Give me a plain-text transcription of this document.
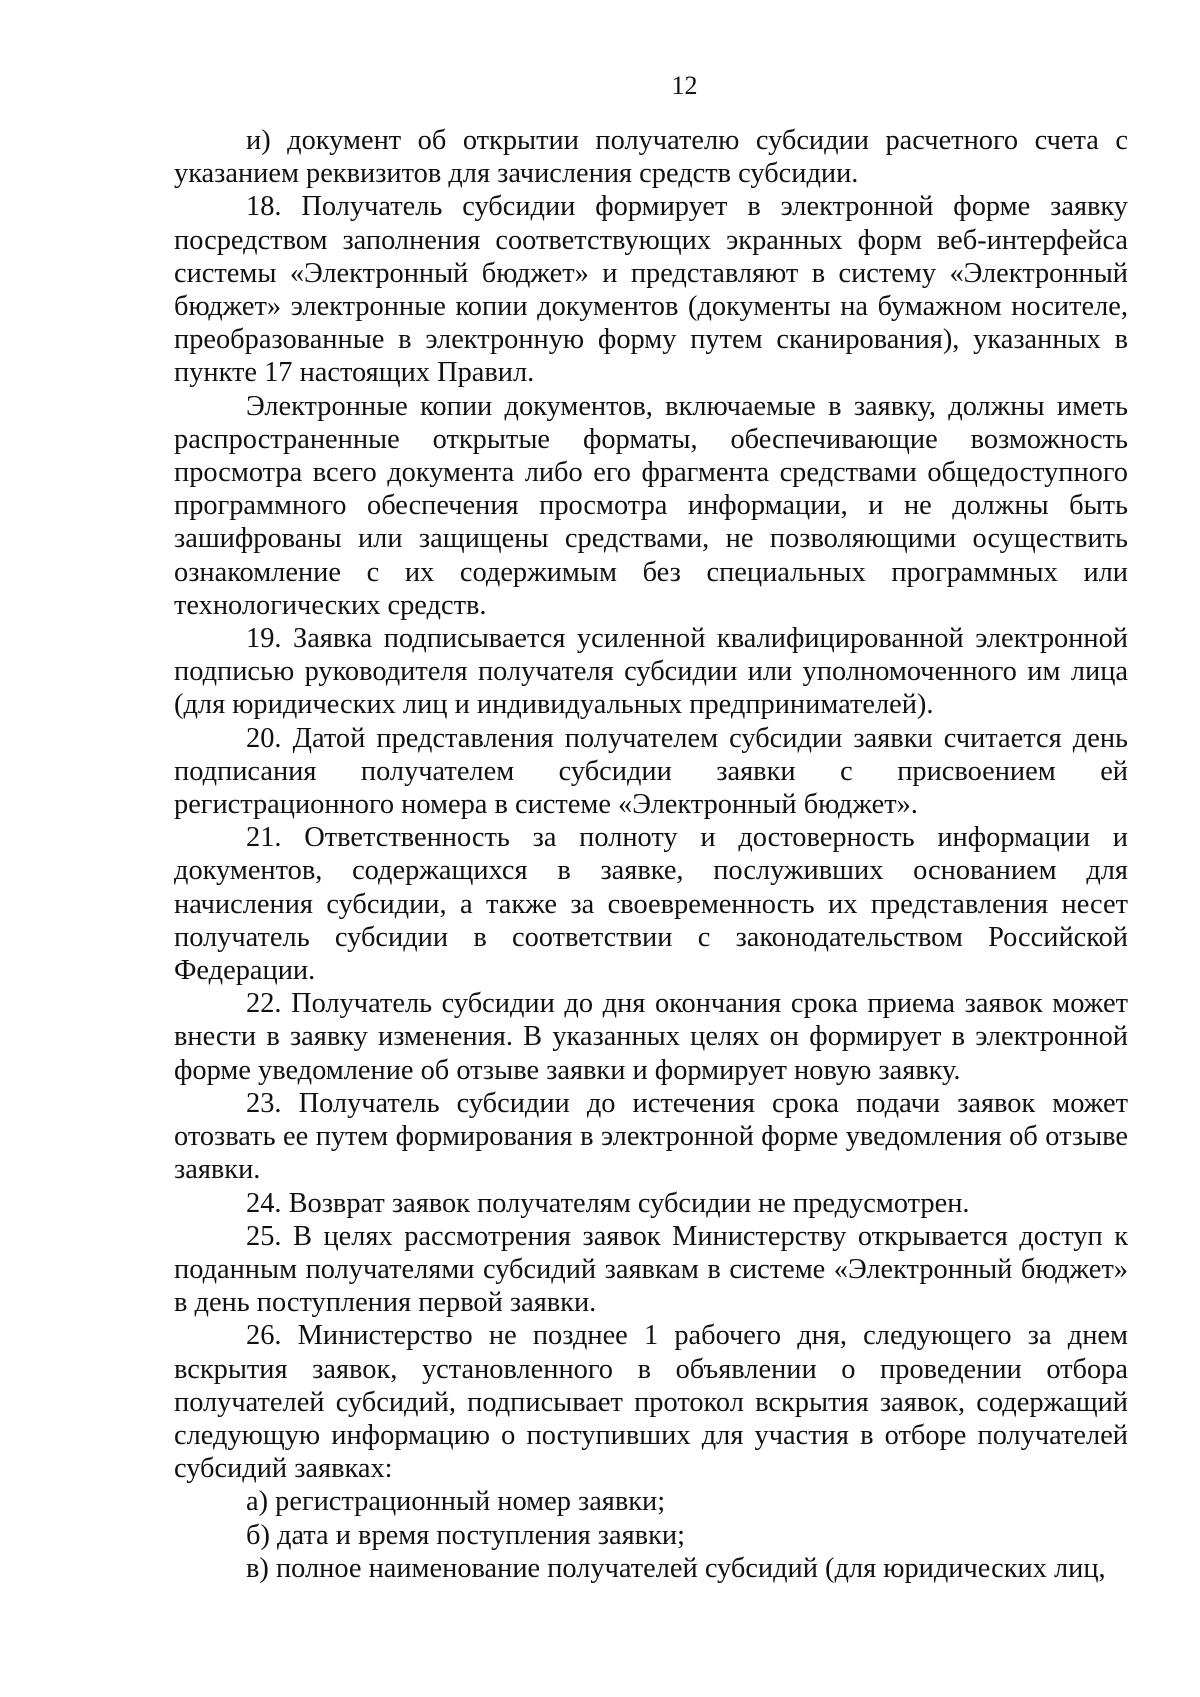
12

и) документ об открытии получателю субсидии расчетного счета с указанием реквизитов для зачисления средств субсидии.

18. Получатель субсидии формирует в электронной форме заявку посредством заполнения соответствующих экранных форм веб-интерфейса системы «Электронный бюджет» и представляют в систему «Электронный бюджет» электронные копии документов (документы на бумажном носителе, преобразованные в электронную форму путем сканирования), указанных в пункте 17 настоящих Правил.

Электронные копии документов, включаемые в заявку, должны иметь распространенные открытые форматы, обеспечивающие возможность просмотра всего документа либо его фрагмента средствами общедоступного программного обеспечения просмотра информации, и не должны быть зашифрованы или защищены средствами, не позволяющими осуществить ознакомление с их содержимым без специальных программных или технологических средств.

19. Заявка подписывается усиленной квалифицированной электронной подписью руководителя получателя субсидии или уполномоченного им лица (для юридических лиц и индивидуальных предпринимателей).

20. Датой представления получателем субсидии заявки считается день подписания получателем субсидии заявки с присвоением ей регистрационного номера в системе «Электронный бюджет».

21. Ответственность за полноту и достоверность информации и документов, содержащихся в заявке, послуживших основанием для начисления субсидии, а также за своевременность их представления несет получатель субсидии в соответствии с законодательством Российской Федерации.

22. Получатель субсидии до дня окончания срока приема заявок может внести в заявку изменения. В указанных целях он формирует в электронной форме уведомление об отзыве заявки и формирует новую заявку.

23. Получатель субсидии до истечения срока подачи заявок может отозвать ее путем формирования в электронной форме уведомления об отзыве заявки.

24. Возврат заявок получателям субсидии не предусмотрен.

25. В целях рассмотрения заявок Министерству открывается доступ к поданным получателями субсидий заявкам в системе «Электронный бюджет» в день поступления первой заявки.

26. Министерство не позднее 1 рабочего дня, следующего за днем вскрытия заявок, установленного в объявлении о проведении отбора получателей субсидий, подписывает протокол вскрытия заявок, содержащий следующую информацию о поступивших для участия в отборе получателей субсидий заявках:

а) регистрационный номер заявки;

б) дата и время поступления заявки;

в) полное наименование получателей субсидий (для юридических лиц,
